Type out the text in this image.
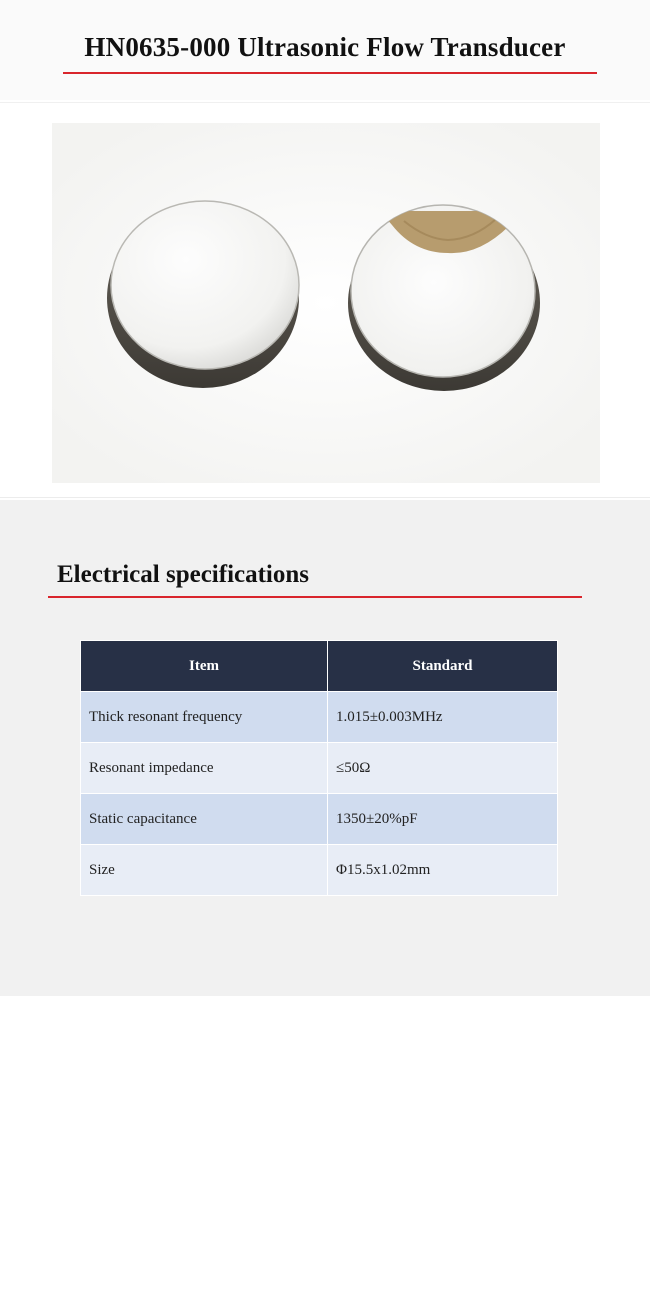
HN0635-000 Ultrasonic Flow Transducer
Electrical specifications
Item	Standard
Thick resonant frequency	1.015±0.003MHz
Resonant impedance	≤50Ω
Static capacitance	1350±20%pF
Size	Φ15.5x1.02mm
